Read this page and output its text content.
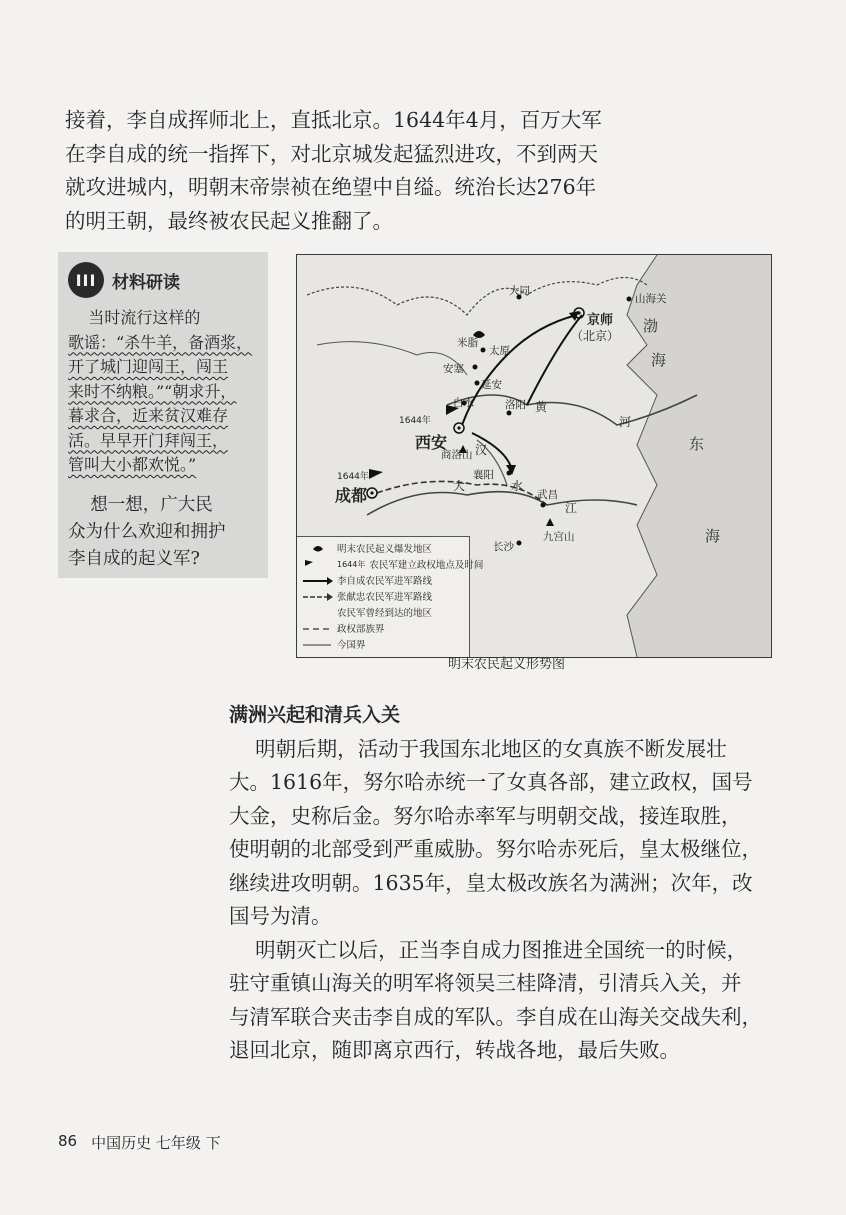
接着，李自成挥师北上，直抵北京。1644年4月，百万大军

在李自成的统一指挥下，对北京城发起猛烈进攻，不到两天

就攻进城内，明朝末帝崇祯在绝望中自缢。统治长达276年

的明王朝，最终被农民起义推翻了。

III 材料研读
当时流行这样的
歌谣：“杀牛羊，备酒浆，
开了城门迎闯王，闯王
来时不纳粮。”“朝求升，
暮求合，近来贫汉难存
活。早早开门拜闯王，
管叫大小都欢悦。”
想一想，广大民
众为什么欢迎和拥护
李自成的起义军?
大同
山海关
京师
（北京）
渤
海
米脂
太原
安塞
延安
白水	洛阳 黄
河
1644年
西安
商洛山 汉
襄阳
水
东
1644年
成都	大
武昌
江
长沙
九宫山	海
明末农民起义爆发地区
1644年 农民军建立政权地点及时间
李自成农民军进军路线
张献忠农民军进军路线
农民军曾经到达的地区
政权部族界
今国界
明末农民起义形势图
满洲兴起和清兵入关

明朝后期，活动于我国东北地区的女真族不断发展壮

大。1616年，努尔哈赤统一了女真各部，建立政权，国号

大金，史称后金。努尔哈赤率军与明朝交战，接连取胜，

使明朝的北部受到严重威胁。努尔哈赤死后，皇太极继位，

继续进攻明朝。1635年，皇太极改族名为满洲；次年，改

国号为清。

明朝灭亡以后，正当李自成力图推进全国统一的时候，

驻守重镇山海关的明军将领吴三桂降清，引清兵入关，并

与清军联合夹击李自成的军队。李自成在山海关交战失利，

退回北京，随即离京西行，转战各地，最后失败。

86 中国历史 七年级 下
